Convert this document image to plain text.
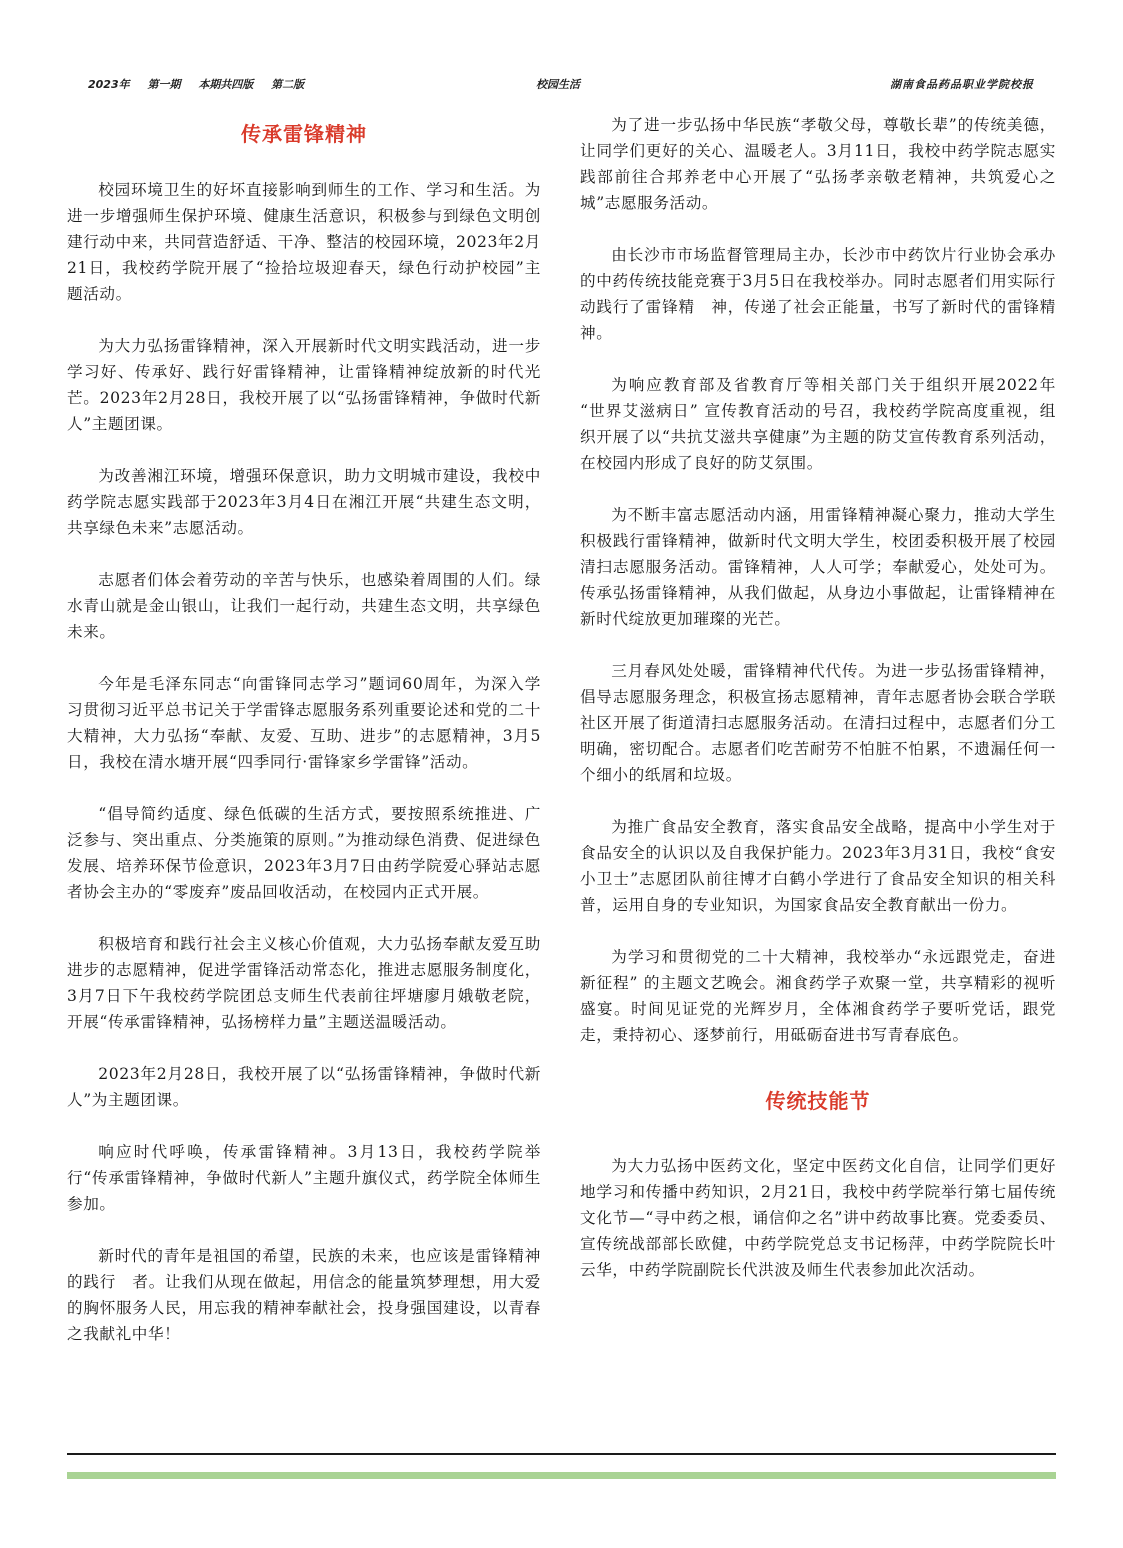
2023年 第一期 本期共四版 第二版	校园生活	湖南食品药品职业学院校报
传承雷锋精神

校园环境卫生的好坏直接影响到师生的工作、学习和生活。为进一步增强师生保护环境、健康生活意识，积极参与到绿色文明创建行动中来，共同营造舒适、干净、整洁的校园环境，2023年2月21日，我校药学院开展了“捡拾垃圾迎春天，绿色行动护校园”主题活动。

为大力弘扬雷锋精神，深入开展新时代文明实践活动，进一步学习好、传承好、践行好雷锋精神，让雷锋精神绽放新的时代光芒。2023年2月28日，我校开展了以“弘扬雷锋精神，争做时代新人”主题团课。

为改善湘江环境，增强环保意识，助力文明城市建设，我校中药学院志愿实践部于2023年3月4日在湘江开展“共建生态文明，共享绿色未来”志愿活动。

志愿者们体会着劳动的辛苦与快乐，也感染着周围的人们。绿水青山就是金山银山，让我们一起行动，共建生态文明，共享绿色未来。

今年是毛泽东同志“向雷锋同志学习”题词60周年，为深入学习贯彻习近平总书记关于学雷锋志愿服务系列重要论述和党的二十大精神，大力弘扬“奉献、友爱、互助、进步”的志愿精神，3月5日，我校在清水塘开展“四季同行·雷锋家乡学雷锋”活动。

“倡导简约适度、绿色低碳的生活方式，要按照系统推进、广泛参与、突出重点、分类施策的原则。”为推动绿色消费、促进绿色发展、培养环保节俭意识，2023年3月7日由药学院爱心驿站志愿者协会主办的“零废弃”废品回收活动，在校园内正式开展。

积极培育和践行社会主义核心价值观，大力弘扬奉献友爱互助进步的志愿精神，促进学雷锋活动常态化，推进志愿服务制度化，3月7日下午我校药学院团总支师生代表前往坪塘廖月娥敬老院，开展“传承雷锋精神，弘扬榜样力量”主题送温暖活动。

2023年2月28日，我校开展了以“弘扬雷锋精神，争做时代新人”为主题团课。

响应时代呼唤，传承雷锋精神。3月13日，我校药学院举行“传承雷锋精神，争做时代新人”主题升旗仪式，药学院全体师生参加。

新时代的青年是祖国的希望，民族的未来，也应该是雷锋精神的践行　者。让我们从现在做起，用信念的能量筑梦理想，用大爱的胸怀服务人民，用忘我的精神奉献社会，投身强国建设，以青春之我献礼中华！

为了进一步弘扬中华民族“孝敬父母，尊敬长辈”的传统美德，让同学们更好的关心、温暖老人。3月11日，我校中药学院志愿实践部前往合邦养老中心开展了“弘扬孝亲敬老精神，共筑爱心之城”志愿服务活动。

由长沙市市场监督管理局主办，长沙市中药饮片行业协会承办的中药传统技能竞赛于3月5日在我校举办。同时志愿者们用实际行动践行了雷锋精　神，传递了社会正能量，书写了新时代的雷锋精神。

为响应教育部及省教育厅等相关部门关于组织开展2022年 “世界艾滋病日” 宣传教育活动的号召，我校药学院高度重视，组织开展了以“共抗艾滋共享健康”为主题的防艾宣传教育系列活动，在校园内形成了良好的防艾氛围。

为不断丰富志愿活动内涵，用雷锋精神凝心聚力，推动大学生积极践行雷锋精神，做新时代文明大学生，校团委积极开展了校园清扫志愿服务活动。雷锋精神，人人可学；奉献爱心，处处可为。传承弘扬雷锋精神，从我们做起，从身边小事做起，让雷锋精神在新时代绽放更加璀璨的光芒。

三月春风处处暖，雷锋精神代代传。为进一步弘扬雷锋精神，倡导志愿服务理念，积极宣扬志愿精神，青年志愿者协会联合学联社区开展了街道清扫志愿服务活动。在清扫过程中，志愿者们分工明确，密切配合。志愿者们吃苦耐劳不怕脏不怕累，不遗漏任何一个细小的纸屑和垃圾。

为推广食品安全教育，落实食品安全战略，提高中小学生对于食品安全的认识以及自我保护能力。2023年3月31日，我校“食安小卫士”志愿团队前往博才白鹤小学进行了食品安全知识的相关科普，运用自身的专业知识，为国家食品安全教育献出一份力。

为学习和贯彻党的二十大精神，我校举办“永远跟党走，奋进新征程” 的主题文艺晚会。湘食药学子欢聚一堂，共享精彩的视听盛宴。时间见证党的光辉岁月，全体湘食药学子要听党话，跟党走，秉持初心、逐梦前行，用砥砺奋进书写青春底色。

传统技能节

为大力弘扬中医药文化，坚定中医药文化自信，让同学们更好地学习和传播中药知识，2月21日，我校中药学院举行第七届传统文化节—“寻中药之根，诵信仰之名”讲中药故事比赛。党委委员、宣传统战部部长欧健，中药学院党总支书记杨萍，中药学院院长叶云华，中药学院副院长代洪波及师生代表参加此次活动。
